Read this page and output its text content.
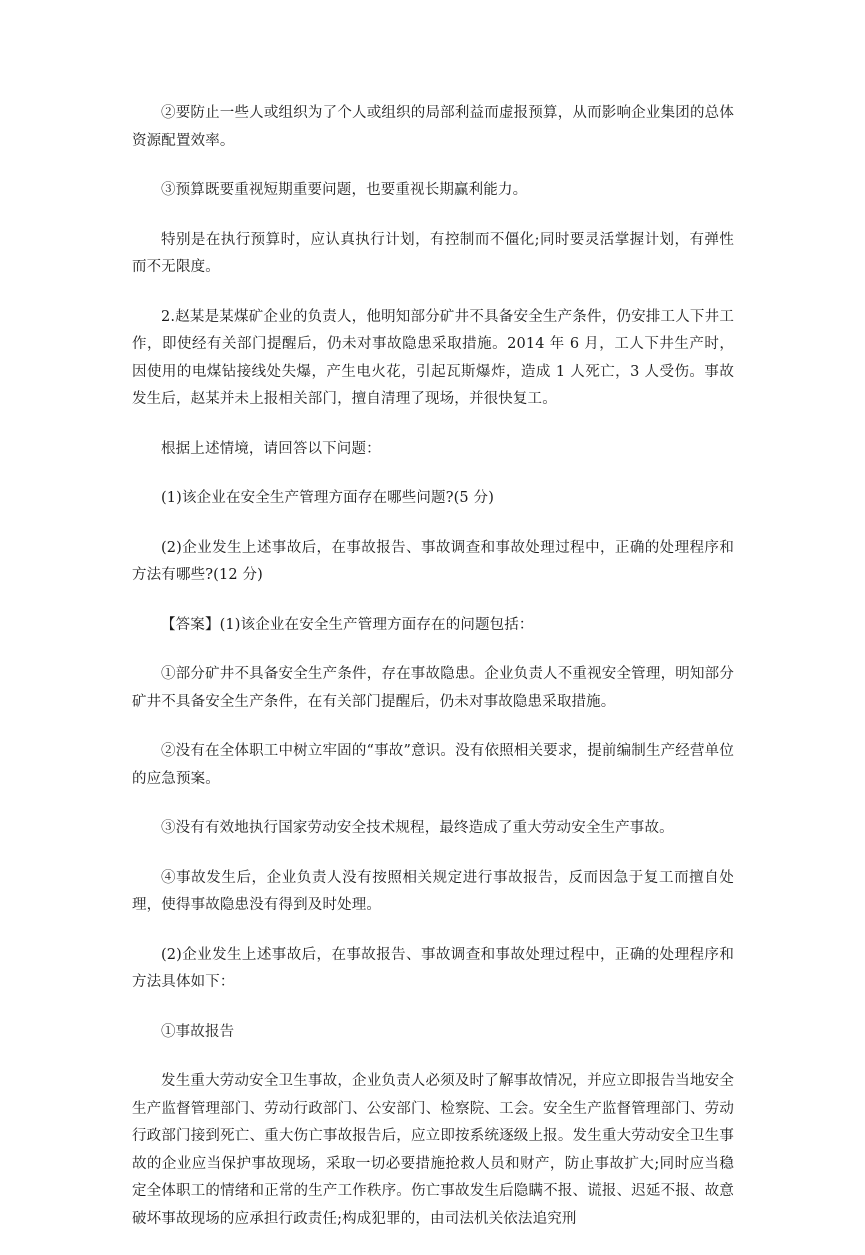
②要防止一些人或组织为了个人或组织的局部利益而虚报预算，从而影响企业集团的总体资源配置效率。

③预算既要重视短期重要问题，也要重视长期赢利能力。

特别是在执行预算时，应认真执行计划，有控制而不僵化;同时要灵活掌握计划，有弹性而不无限度。

2.赵某是某煤矿企业的负责人，他明知部分矿井不具备安全生产条件，仍安排工人下井工作，即使经有关部门提醒后，仍未对事故隐患采取措施。2014 年 6 月，工人下井生产时，因使用的电煤钻接线处失爆，产生电火花，引起瓦斯爆炸，造成 1 人死亡，3 人受伤。事故发生后，赵某并未上报相关部门，擅自清理了现场，并很快复工。

根据上述情境，请回答以下问题：

(1)该企业在安全生产管理方面存在哪些问题?(5 分)

(2)企业发生上述事故后，在事故报告、事故调查和事故处理过程中，正确的处理程序和方法有哪些?(12 分)

【答案】(1)该企业在安全生产管理方面存在的问题包括：

①部分矿井不具备安全生产条件，存在事故隐患。企业负责人不重视安全管理，明知部分矿井不具备安全生产条件，在有关部门提醒后，仍未对事故隐患采取措施。

②没有在全体职工中树立牢固的“事故”意识。没有依照相关要求，提前编制生产经营单位的应急预案。

③没有有效地执行国家劳动安全技术规程，最终造成了重大劳动安全生产事故。

④事故发生后，企业负责人没有按照相关规定进行事故报告，反而因急于复工而擅自处理，使得事故隐患没有得到及时处理。

(2)企业发生上述事故后，在事故报告、事故调查和事故处理过程中，正确的处理程序和方法具体如下：

①事故报告

发生重大劳动安全卫生事故，企业负责人必须及时了解事故情况，并应立即报告当地安全生产监督管理部门、劳动行政部门、公安部门、检察院、工会。安全生产监督管理部门、劳动行政部门接到死亡、重大伤亡事故报告后，应立即按系统逐级上报。发生重大劳动安全卫生事故的企业应当保护事故现场，采取一切必要措施抢救人员和财产，防止事故扩大;同时应当稳定全体职工的情绪和正常的生产工作秩序。伤亡事故发生后隐瞒不报、谎报、迟延不报、故意破坏事故现场的应承担行政责任;构成犯罪的，由司法机关依法追究刑
